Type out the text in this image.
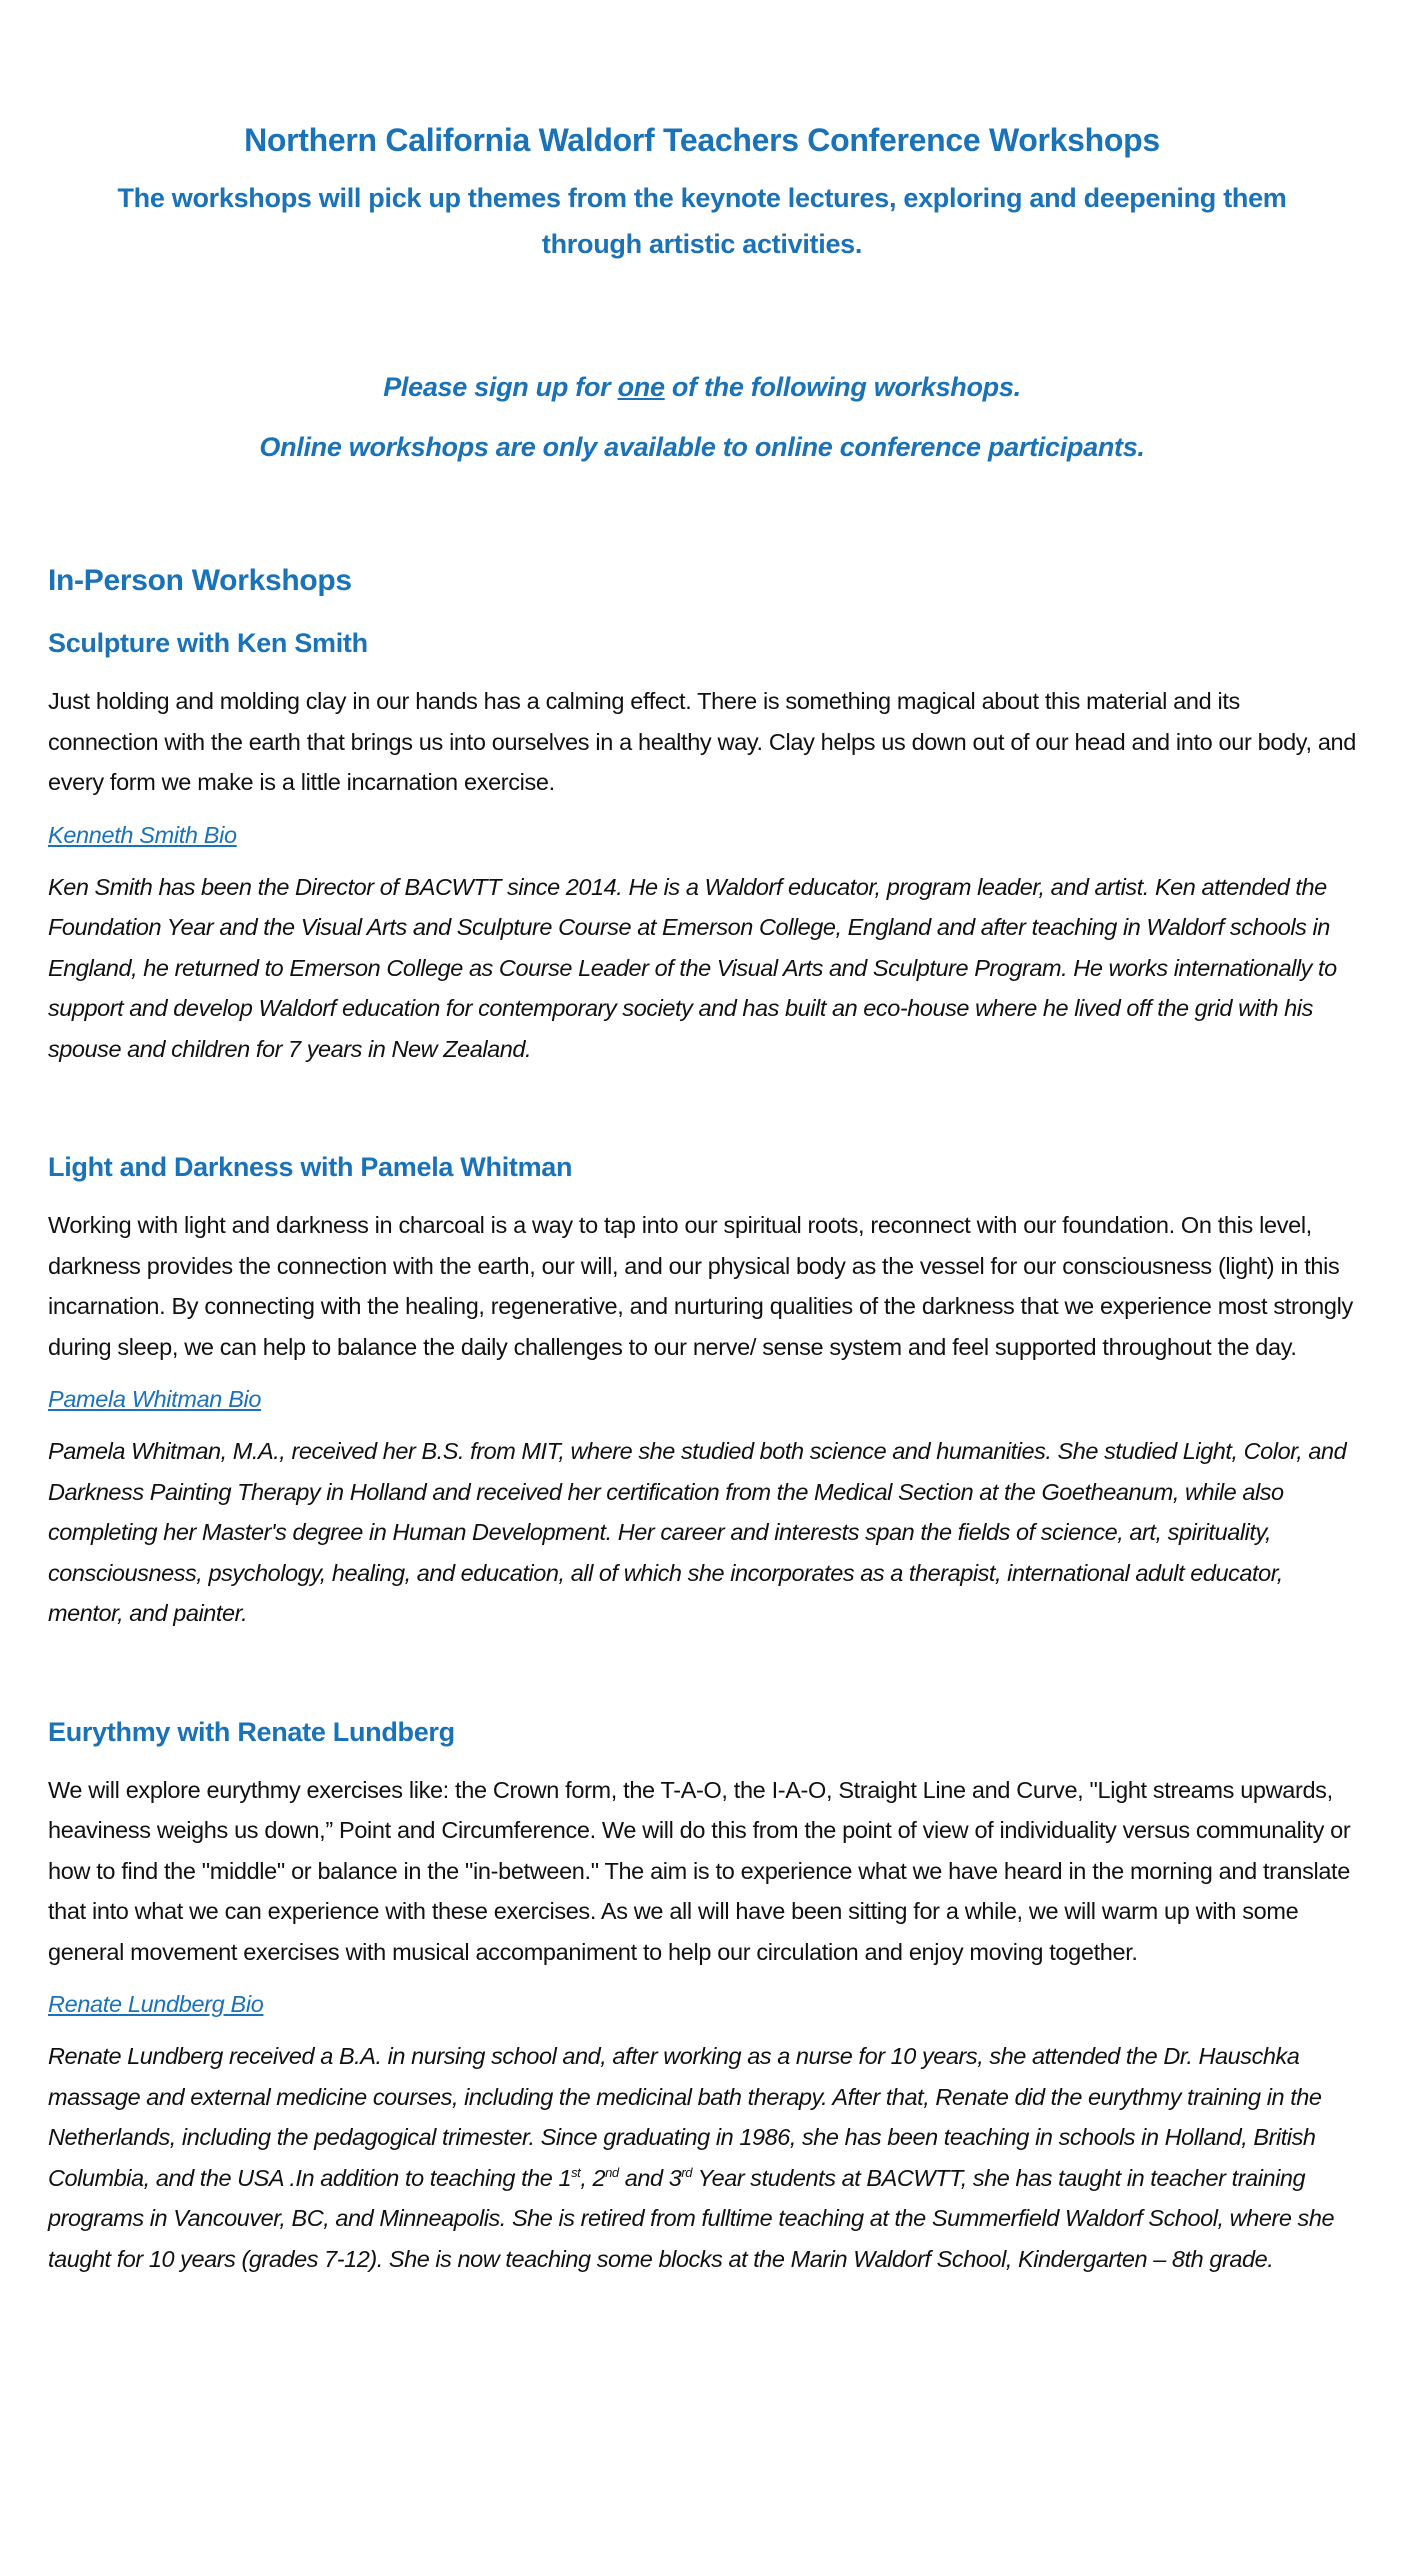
Northern California Waldorf Teachers Conference Workshops

The workshops will pick up themes from the keynote lectures, exploring and deepening them through artistic activities.

Please sign up for one of the following workshops.

Online workshops are only available to online conference participants.

In-Person Workshops
Sculpture with Ken Smith

Just holding and molding clay in our hands has a calming effect. There is something magical about this material and its connection with the earth that brings us into ourselves in a healthy way. Clay helps us down out of our head and into our body, and every form we make is a little incarnation exercise.

Kenneth Smith Bio

Ken Smith has been the Director of BACWTT since 2014. He is a Waldorf educator, program leader, and artist. Ken attended the Foundation Year and the Visual Arts and Sculpture Course at Emerson College, England and after teaching in Waldorf schools in England, he returned to Emerson College as Course Leader of the Visual Arts and Sculpture Program. He works internationally to support and develop Waldorf education for contemporary society and has built an eco-house where he lived off the grid with his spouse and children for 7 years in New Zealand.

Light and Darkness with Pamela Whitman

Working with light and darkness in charcoal is a way to tap into our spiritual roots, reconnect with our foundation. On this level, darkness provides the connection with the earth, our will, and our physical body as the vessel for our consciousness (light) in this incarnation. By connecting with the healing, regenerative, and nurturing qualities of the darkness that we experience most strongly during sleep, we can help to balance the daily challenges to our nerve/ sense system and feel supported throughout the day.

Pamela Whitman Bio

Pamela Whitman, M.A., received her B.S. from MIT, where she studied both science and humanities. She studied Light, Color, and Darkness Painting Therapy in Holland and received her certification from the Medical Section at the Goetheanum, while also completing her Master's degree in Human Development. Her career and interests span the fields of science, art, spirituality, consciousness, psychology, healing, and education, all of which she incorporates as a therapist, international adult educator, mentor, and painter.

Eurythmy with Renate Lundberg

We will explore eurythmy exercises like: the Crown form, the T-A-O, the I-A-O, Straight Line and Curve, "Light streams upwards, heaviness weighs us down,” Point and Circumference. We will do this from the point of view of individuality versus communality or how to find the "middle" or balance in the "in-between." The aim is to experience what we have heard in the morning and translate that into what we can experience with these exercises. As we all will have been sitting for a while, we will warm up with some general movement exercises with musical accompaniment to help our circulation and enjoy moving together.

Renate Lundberg Bio

Renate Lundberg received a B.A. in nursing school and, after working as a nurse for 10 years, she attended the Dr. Hauschka massage and external medicine courses, including the medicinal bath therapy. After that, Renate did the eurythmy training in the Netherlands, including the pedagogical trimester. Since graduating in 1986, she has been teaching in schools in Holland, British Columbia, and the USA .In addition to teaching the 1st, 2nd and 3rd Year students at BACWTT, she has taught in teacher training programs in Vancouver, BC, and Minneapolis. She is retired from fulltime teaching at the Summerfield Waldorf School, where she taught for 10 years (grades 7-12). She is now teaching some blocks at the Marin Waldorf School, Kindergarten – 8th grade.
